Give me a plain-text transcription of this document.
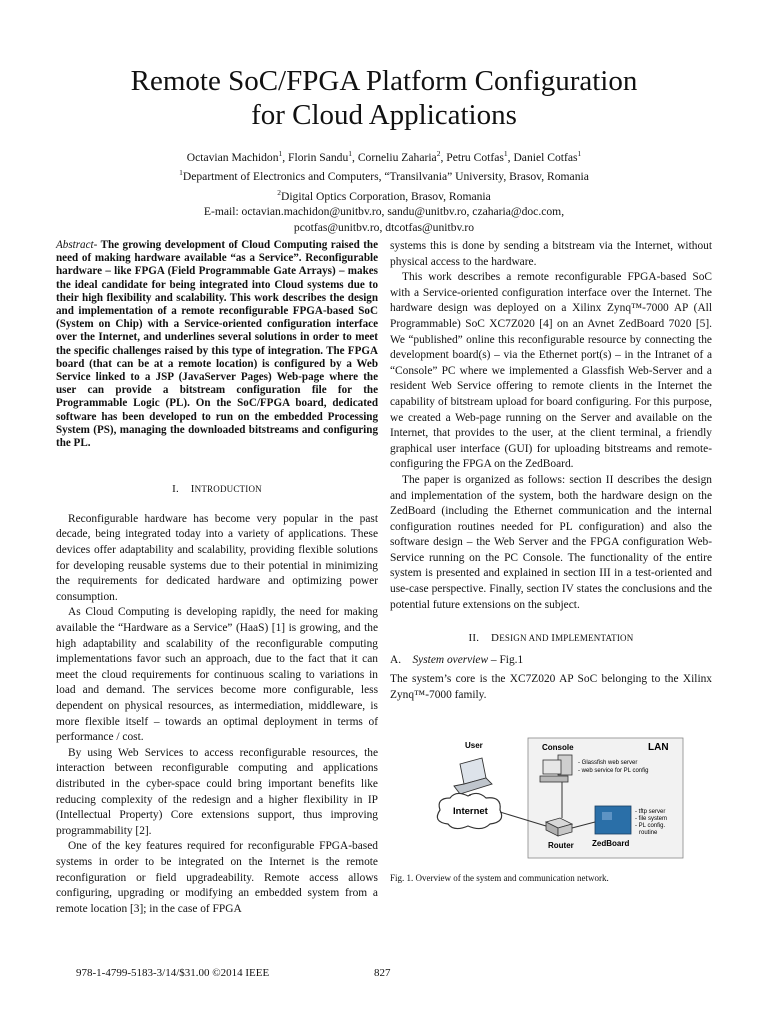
Remote SoC/FPGA Platform Configuration
for Cloud Applications
Octavian Machidon$^1$, Florin Sandu$^1$, Corneliu Zaharia$^2$, Petru Cotfas$^1$, Daniel Cotfas$^1$
$^1$Department of Electronics and Computers, “Transilvania” University, Brasov, Romania
$^2$Digital Optics Corporation, Brasov, Romania
E-mail: octavian.machidon@unitbv.ro, sandu@unitbv.ro, czaharia@doc.com,
pcotfas@unitbv.ro, dtcotfas@unitbv.ro
Abstract- The growing development of Cloud Computing raised the need of making hardware available “as a Service”. Reconfigurable hardware – like FPGA (Field Programmable Gate Arrays) – makes the ideal candidate for being integrated into Cloud systems due to their high flexibility and scalability. This work describes the design and implementation of a remote reconfigurable FPGA-based SoC (System on Chip) with a Service-oriented configuration interface over the Internet, and underlines several solutions in order to meet the specific challenges raised by this type of integration. The FPGA board (that can be at a remote location) is configured by a Web Service linked to a JSP (JavaServer Pages) Web-page where the user can provide a bitstream configuration file for the Programmable Logic (PL). On the SoC/FPGA board, dedicated software has been developed to run on the embedded Processing System (PS), managing the downloaded bitstreams and configuring the PL.
I. INTRODUCTION

Reconfigurable hardware has become very popular in the past decade, being integrated today into a variety of applications. These devices offer adaptability and scalability, providing flexible solutions for developing reusable systems due to their potential in minimizing the requirements for dedicated hardware and optimizing power consumption.

As Cloud Computing is developing rapidly, the need for making available the “Hardware as a Service” (HaaS) [1] is growing, and the high adaptability and scalability of the reconfigurable computing implementations favor such an approach, due to the fact that it can meet the cloud requirements for continuous scaling to variations in load and demand. The services become more configurable, less dependent on physical resources, as intermediation, middleware, is more flexible itself – towards an optimal deployment in terms of performance / cost.

By using Web Services to access reconfigurable resources, the interaction between reconfigurable computing and applications distributed in the cyber-space could bring important benefits like reducing complexity of the redesign and a higher flexibility in IP (Intellectual Property) Core extensions support, thus improving programmability [2].

One of the key features required for reconfigurable FPGA-based systems in order to be integrated on the Internet is the remote reconfiguration or field upgradeability. Remote access allows configuring, upgrading or modifying an embedded system from a remote location [3]; in the case of FPGA

systems this is done by sending a bitstream via the Internet, without physical access to the hardware.

This work describes a remote reconfigurable FPGA-based SoC with a Service-oriented configuration interface over the Internet. The hardware design was deployed on a Xilinx Zynq™-7000 AP (All Programmable) SoC XC7Z020 [4] on an Avnet ZedBoard 7020 [5]. We “published” online this reconfigurable resource by connecting the development board(s) – via the Ethernet port(s) – in the Intranet of a “Console” PC where we implemented a Glassfish Web-Server and a resident Web Service offering to remote clients in the Internet the capability of bitstream upload for board configuring. For this purpose, we created a Web-page running on the Server and available on the Internet, that provides to the user, at the client terminal, a friendly graphical user interface (GUI) for uploading bitstreams and remote-configuring the FPGA on the ZedBoard.

The paper is organized as follows: section II describes the design and implementation of the system, both the hardware design on the ZedBoard (including the Ethernet communication and the internal configuration routines needed for PL configuration) and also the software design – the Web Server and the FPGA configuration Web-Service running on the PC Console. The functionality of the entire system is presented and explained in section III in a test-oriented and use-case perspective. Finally, section IV states the conclusions and the potential future extensions on the subject.

II. DESIGN AND IMPLEMENTATION

A. System overview – Fig.1

The system’s core is the XC7Z020 AP SoC belonging to the Xilinx Zynq™-7000 family.

LAN
User	Console
- Glassfish web server
- web service for PL config
Internet
Router ZedBoard
- tftp server
- file system
- PL config.
routine
Fig. 1. Overview of the system and communication network.
978-1-4799-5183-3/14/$31.00 ©2014 IEEE	827
